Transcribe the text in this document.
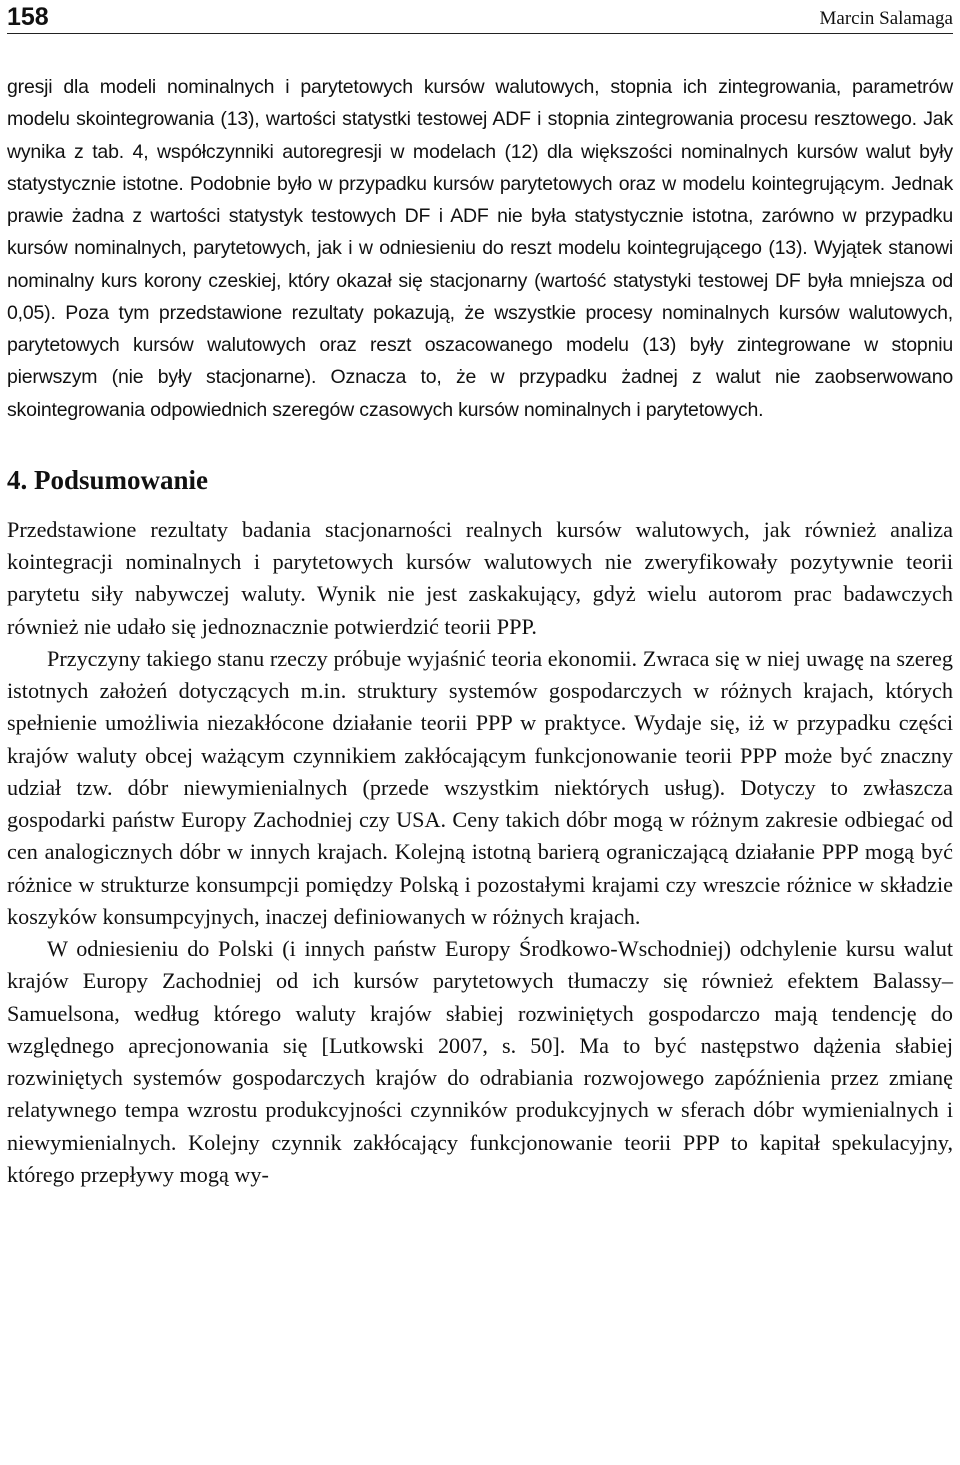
158	Marcin Salamaga

gresji dla modeli nominalnych i parytetowych kursów walutowych, stopnia ich zintegrowania, parametrów modelu skointegrowania (13), wartości statystki testowej ADF i stopnia zintegrowania procesu resztowego. Jak wynika z tab. 4, współczynniki autoregresji w modelach (12) dla większości nominalnych kursów walut były statystycznie istotne. Podobnie było w przypadku kursów parytetowych oraz w modelu kointegrującym. Jednak prawie żadna z wartości statystyk testowych DF i ADF nie była statystycznie istotna, zarówno w przypadku kursów nominalnych, parytetowych, jak i w odniesieniu do reszt modelu kointegrującego (13). Wyjątek stanowi nominalny kurs korony czeskiej, który okazał się stacjonarny (wartość statystyki testowej DF była mniejsza od 0,05). Poza tym przedstawione rezultaty pokazują, że wszystkie procesy nominalnych kursów walutowych, parytetowych kursów walutowych oraz reszt oszacowanego modelu (13) były zintegrowane w stopniu pierwszym (nie były stacjonarne). Oznacza to, że w przypadku żadnej z walut nie zaobserwowano skointegrowania odpowiednich szeregów czasowych kursów nominalnych i parytetowych.

4. Podsumowanie

Przedstawione rezultaty badania stacjonarności realnych kursów walutowych, jak również analiza kointegracji nominalnych i parytetowych kursów walutowych nie zweryfikowały pozytywnie teorii parytetu siły nabywczej waluty. Wynik nie jest zaskakujący, gdyż wielu autorom prac badawczych również nie udało się jednoznacznie potwierdzić teorii PPP.

Przyczyny takiego stanu rzeczy próbuje wyjaśnić teoria ekonomii. Zwraca się w niej uwagę na szereg istotnych założeń dotyczących m.in. struktury systemów gospodarczych w różnych krajach, których spełnienie umożliwia niezakłócone działanie teorii PPP w praktyce. Wydaje się, iż w przypadku części krajów waluty obcej ważącym czynnikiem zakłócającym funkcjonowanie teorii PPP może być znaczny udział tzw. dóbr niewymienialnych (przede wszystkim niektórych usług). Dotyczy to zwłaszcza gospodarki państw Europy Zachodniej czy USA. Ceny takich dóbr mogą w różnym zakresie odbiegać od cen analogicznych dóbr w innych krajach. Kolejną istotną barierą ograniczającą działanie PPP mogą być różnice w strukturze konsumpcji pomiędzy Polską i pozostałymi krajami czy wreszcie różnice w składzie koszyków konsumpcyjnych, inaczej definiowanych w różnych krajach.

W odniesieniu do Polski (i innych państw Europy Środkowo-Wschodniej) odchylenie kursu walut krajów Europy Zachodniej od ich kursów parytetowych tłumaczy się również efektem Balassy–Samuelsona, według którego waluty krajów słabiej rozwiniętych gospodarczo mają tendencję do względnego aprecjonowania się [Lutkowski 2007, s. 50]. Ma to być następstwo dążenia słabiej rozwiniętych systemów gospodarczych krajów do odrabiania rozwojowego zapóźnienia przez zmianę relatywnego tempa wzrostu produkcyjności czynników produkcyjnych w sferach dóbr wymienialnych i niewymienialnych. Kolejny czynnik zakłócający funkcjonowanie teorii PPP to kapitał spekulacyjny, którego przepływy mogą wy-
